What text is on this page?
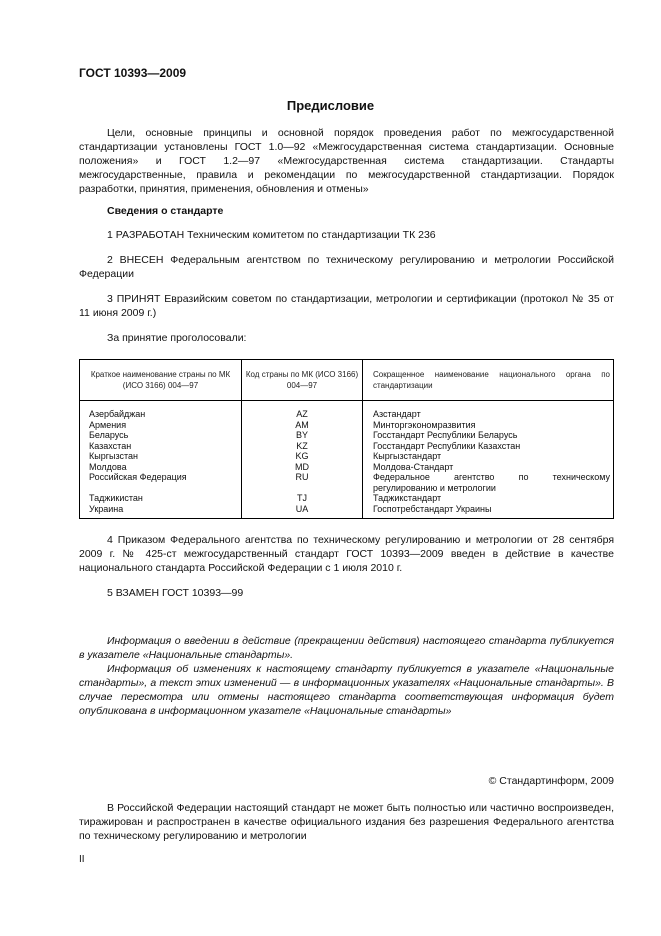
ГОСТ 10393—2009
Предисловие
Цели, основные принципы и основной порядок проведения работ по межгосударственной стандартизации установлены ГОСТ 1.0—92 «Межгосударственная система стандартизации. Основные положения» и ГОСТ 1.2—97 «Межгосударственная система стандартизации. Стандарты межгосударственные, правила и рекомендации по межгосударственной стандартизации. Порядок разработки, принятия, применения, обновления и отмены»
Сведения о стандарте
1 РАЗРАБОТАН Техническим комитетом по стандартизации ТК 236
2 ВНЕСЕН Федеральным агентством по техническому регулированию и метрологии Российской Федерации
3 ПРИНЯТ Евразийским советом по стандартизации, метрологии и сертификации (протокол № 35 от 11 июня 2009 г.)
За принятие проголосовали:
Краткое наименование страны по МК (ИСО 3166) 004—97	Код страны по МК (ИСО 3166) 004—97	Сокращенное наименование национального органа по стандартизации
Азербайджан	AZ	Азстандарт
Армения	AM	Минторгэкономразвития
Беларусь	BY	Госстандарт Республики Беларусь
Казахстан	KZ	Госстандарт Республики Казахстан
Кыргызстан	KG	Кыргызстандарт
Молдова	MD	Молдова-Стандарт
Российская Федерация	RU	Федеральное агентство по техническому регулированию и метрологии
Таджикистан	TJ	Таджикстандарт
Украина	UA	Госпотребстандарт Украины
4 Приказом Федерального агентства по техническому регулированию и метрологии от 28 сентября 2009 г. № 425-ст межгосударственный стандарт ГОСТ 10393—2009 введен в действие в качестве национального стандарта Российской Федерации с 1 июля 2010 г.
5 ВЗАМЕН ГОСТ 10393—99
Информация о введении в действие (прекращении действия) настоящего стандарта публикуется в указателе «Национальные стандарты».
Информация об изменениях к настоящему стандарту публикуется в указателе «Национальные стандарты», а текст этих изменений — в информационных указателях «Национальные стандарты». В случае пересмотра или отмены настоящего стандарта соответствующая информация будет опубликована в информационном указателе «Национальные стандарты»
© Стандартинформ, 2009
В Российской Федерации настоящий стандарт не может быть полностью или частично воспроизведен, тиражирован и распространен в качестве официального издания без разрешения Федерального агентства по техническому регулированию и метрологии
II
